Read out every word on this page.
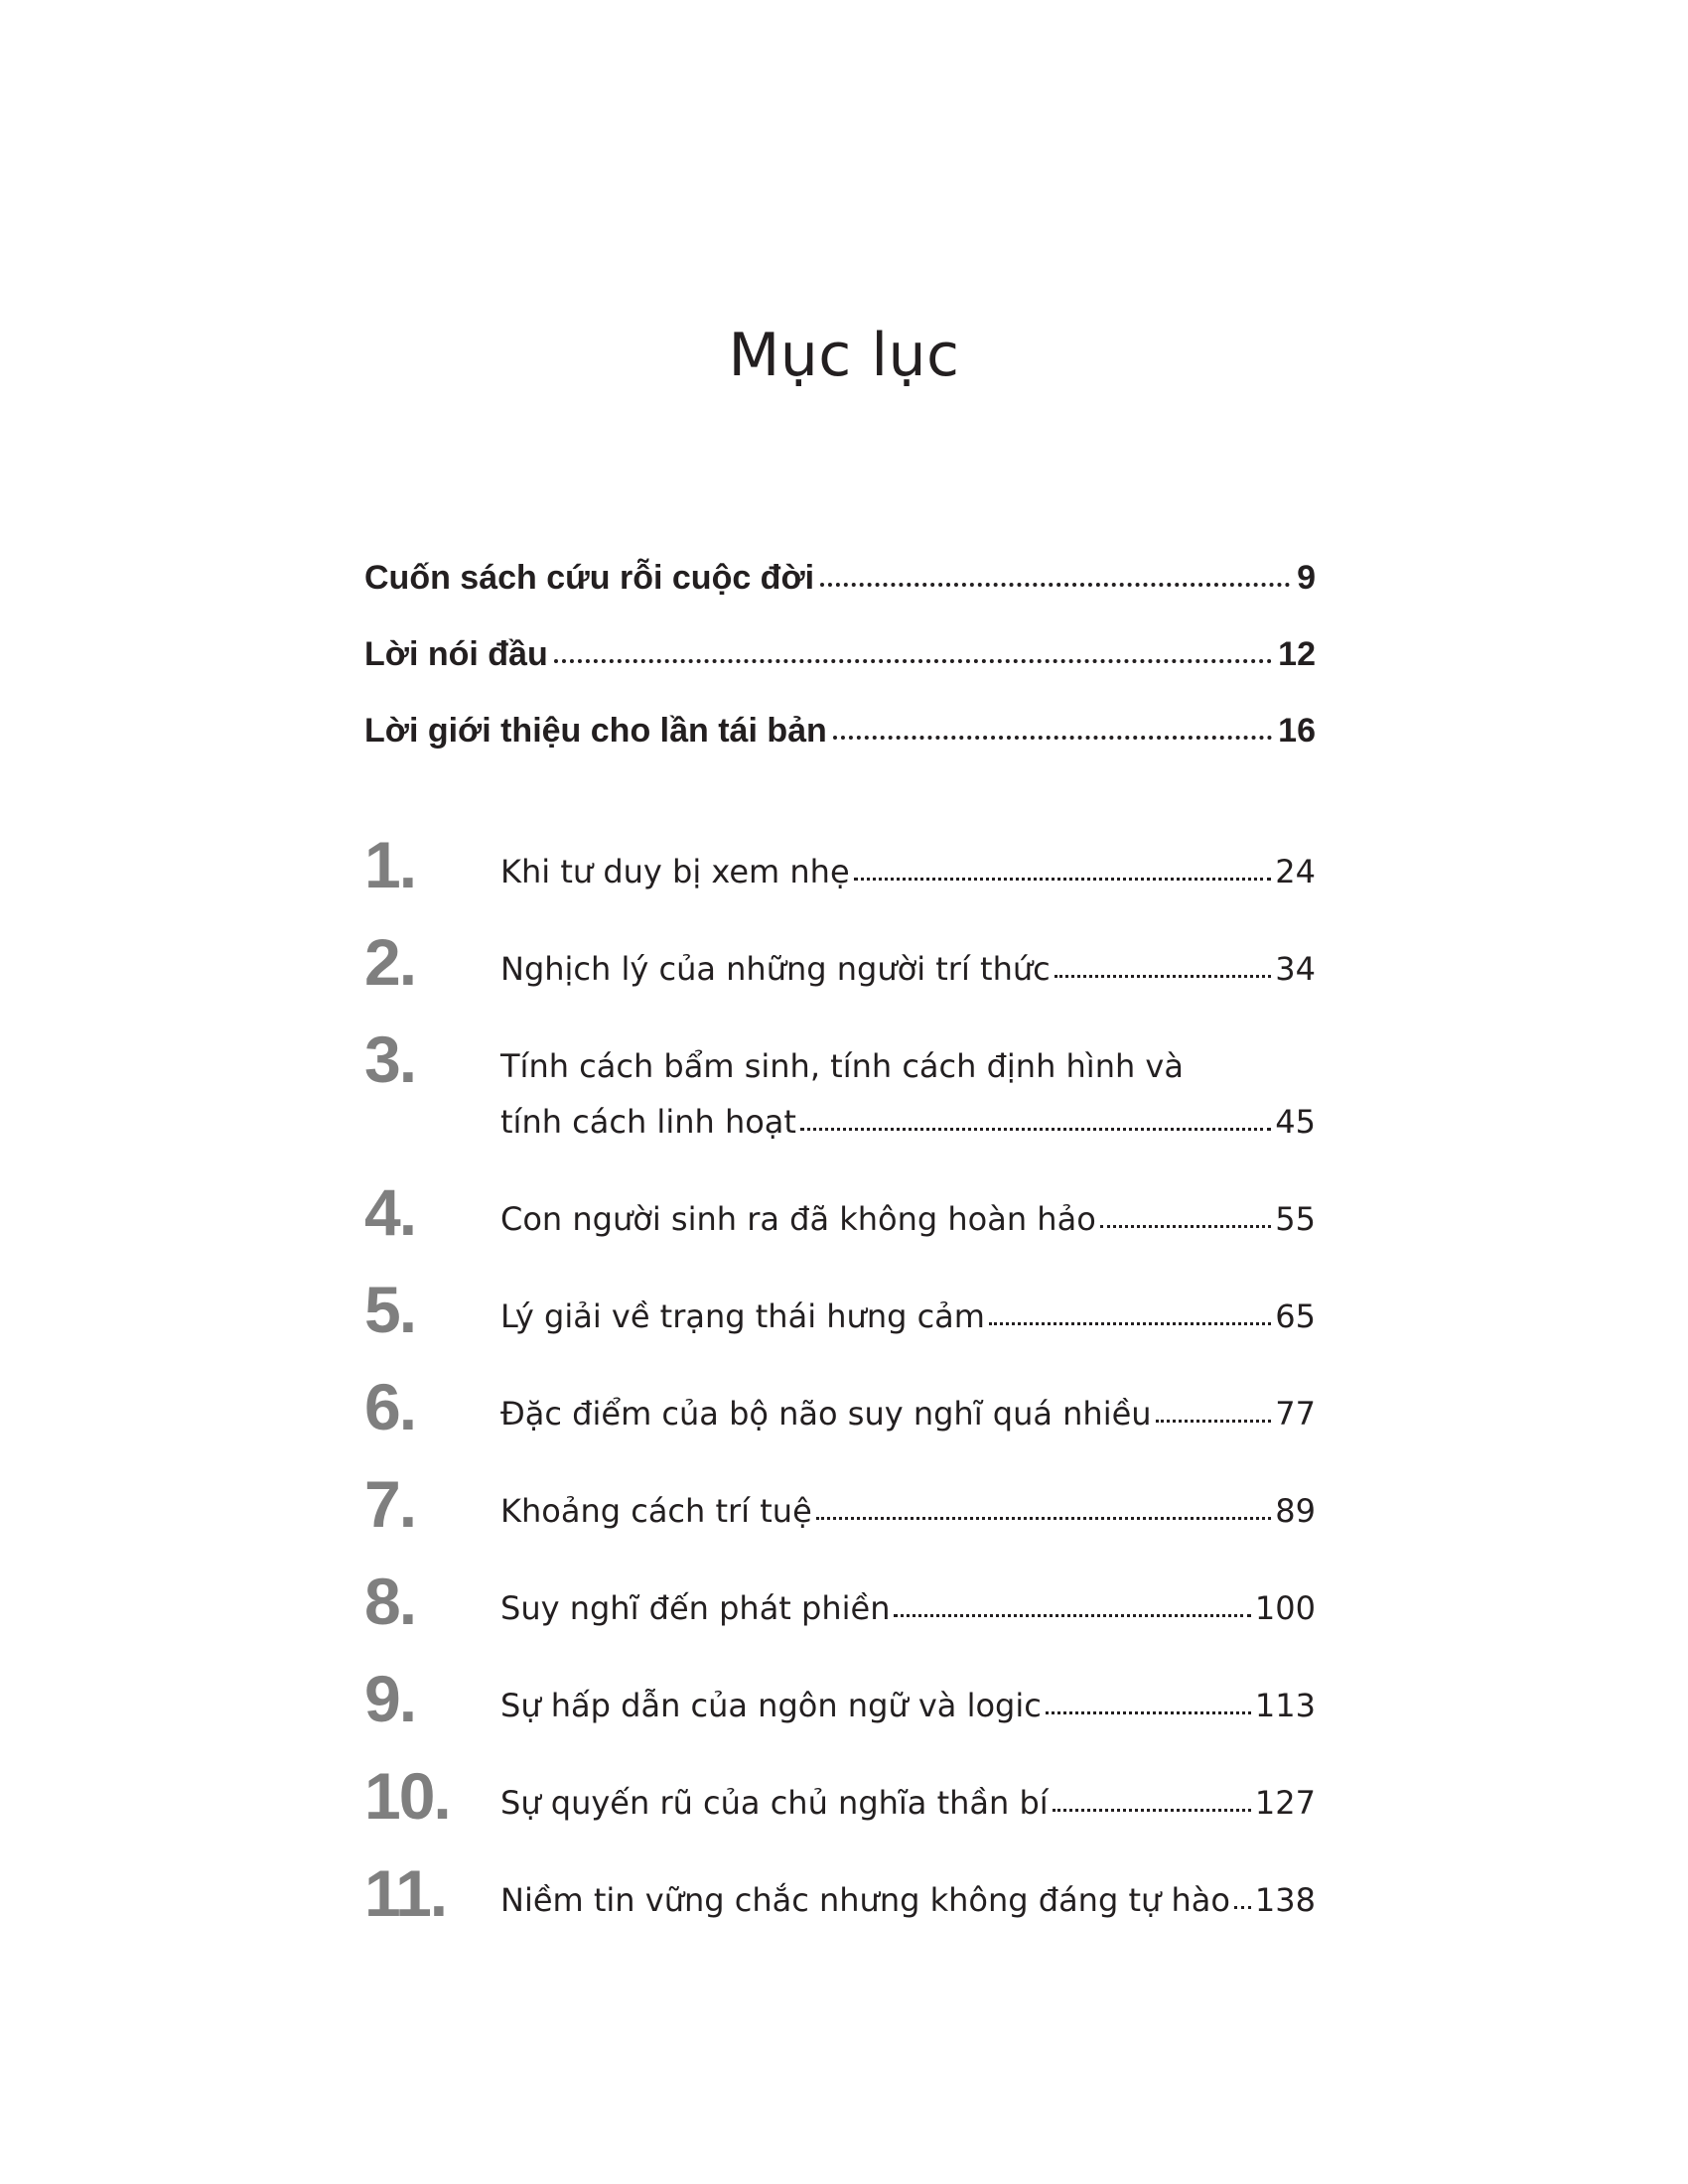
Mục lục
Cuốn sách cứu rỗi cuộc đời	9
Lời nói đầu	12
Lời giới thiệu cho lần tái bản	16
1.	Khi tư duy bị xem nhẹ	24
2.	Nghịch lý của những người trí thức	34
3.	Tính cách bẩm sinh, tính cách định hình và
tính cách linh hoạt	45
4.	Con người sinh ra đã không hoàn hảo	55
5.	Lý giải về trạng thái hưng cảm	65
6.	Đặc điểm của bộ não suy nghĩ quá nhiều	77
7.	Khoảng cách trí tuệ	89
8.	Suy nghĩ đến phát phiền	100
9.	Sự hấp dẫn của ngôn ngữ và logic	113
10.	Sự quyến rũ của chủ nghĩa thần bí	127
11.	Niềm tin vững chắc nhưng không đáng tự hào 138
